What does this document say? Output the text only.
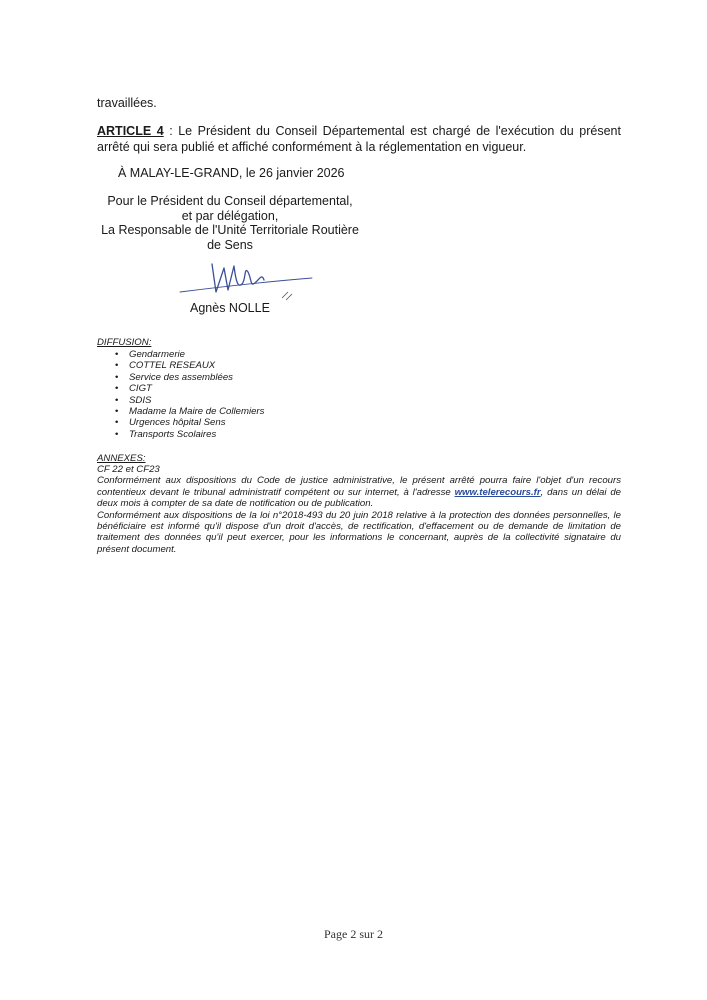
travaillées.

ARTICLE 4 : Le Président du Conseil Départemental est chargé de l'exécution du présent arrêté qui sera publié et affiché conformément à la réglementation en vigueur.

À MALAY-LE-GRAND, le 26 janvier 2026
Pour le Président du Conseil départemental,
et par délégation,
La Responsable de l'Unité Territoriale Routière
de Sens
Agnès NOLLE
DIFFUSION:
• Gendarmerie
• COTTEL RESEAUX
• Service des assemblées
• CIGT
• SDIS
• Madame la Maire de Collemiers
• Urgences hôpital Sens
• Transports Scolaires
ANNEXES:

CF 22 et CF23

Conformément aux dispositions du Code de justice administrative, le présent arrêté pourra faire l'objet d'un recours contentieux devant le tribunal administratif compétent ou sur internet, à l'adresse www.telerecours.fr, dans un délai de deux mois à compter de sa date de notification ou de publication.

Conformément aux dispositions de la loi n°2018-493 du 20 juin 2018 relative à la protection des données personnelles, le bénéficiaire est informé qu'il dispose d'un droit d'accès, de rectification, d'effacement ou de demande de limitation de traitement des données qu'il peut exercer, pour les informations le concernant, auprès de la collectivité signataire du présent document.

Page 2 sur 2
